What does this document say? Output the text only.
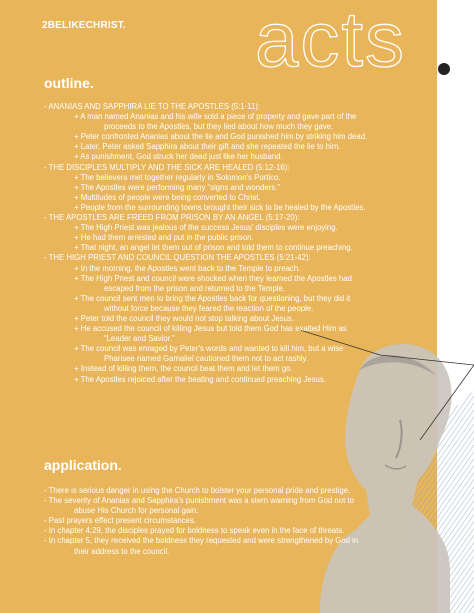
2BELIKECHRIST. acts
outline.
- ANANIAS AND SAPPHIRA LIE TO THE APOSTLES (5:1-11):
+ A man named Ananias and his wife sold a piece of property and gave part of the
proceeds to the Apostles, but they lied about how much they gave.
+ Peter confronted Ananias about the lie and God punished him by striking him dead.
+ Later, Peter asked Sapphira about their gift and she repeated the lie to him.
+ As punishment, God struck her dead just like her husband.
- THE DISCIPLES MULTIPLY AND THE SICK ARE HEALED (5:12-16):
+ The believers met together regularly in Solomon's Portico.
+ The Apostles were performing many “signs and wonders.”
+ Multitudes of people were being converted to Christ.
+ People from the surrounding towns brought their sick to be healed by the Apostles.
- THE APOSTLES ARE FREED FROM PRISON BY AN ANGEL (5:17-20):
+ The High Priest was jealous of the success Jesus' disciples were enjoying.
+ He had them arrested and put in the public prison.
+ That night, an angel let them out of prison and told them to continue preaching.
- THE HIGH PRIEST AND COUNCIL QUESTION THE APOSTLES (5:21-42):
+ In the morning, the Apostles went back to the Temple to preach.
+ The High Priest and council were shocked when they learned the Apostles had
escaped from the prison and returned to the Temple.
+ The council sent men to bring the Apostles back for questioning, but they did it
without force because they feared the reaction of the people.
+ Peter told the council they would not stop talking about Jesus.
+ He accused the council of killing Jesus but told them God has exalted Him as
“Leader and Savior.”
+ The council was enraged by Peter's words and wanted to kill him, but a wise
Pharisee named Gamaliel cautioned them not to act rashly.
+ Instead of killing them, the council beat them and let them go.
+ The Apostles rejoiced after the beating and continued preaching Jesus.
application.
- There is serious danger in using the Church to bolster your personal pride and prestige.
- The severity of Ananias and Sapphira's punishment was a stern warning from God not to
abuse His Church for personal gain.
- Past prayers effect present circumstances.
- In chapter 4:29, the disciples prayed for boldness to speak even in the face of threats.
- In chapter 5, they received the boldness they requested and were strengthened by God in
their address to the council.
